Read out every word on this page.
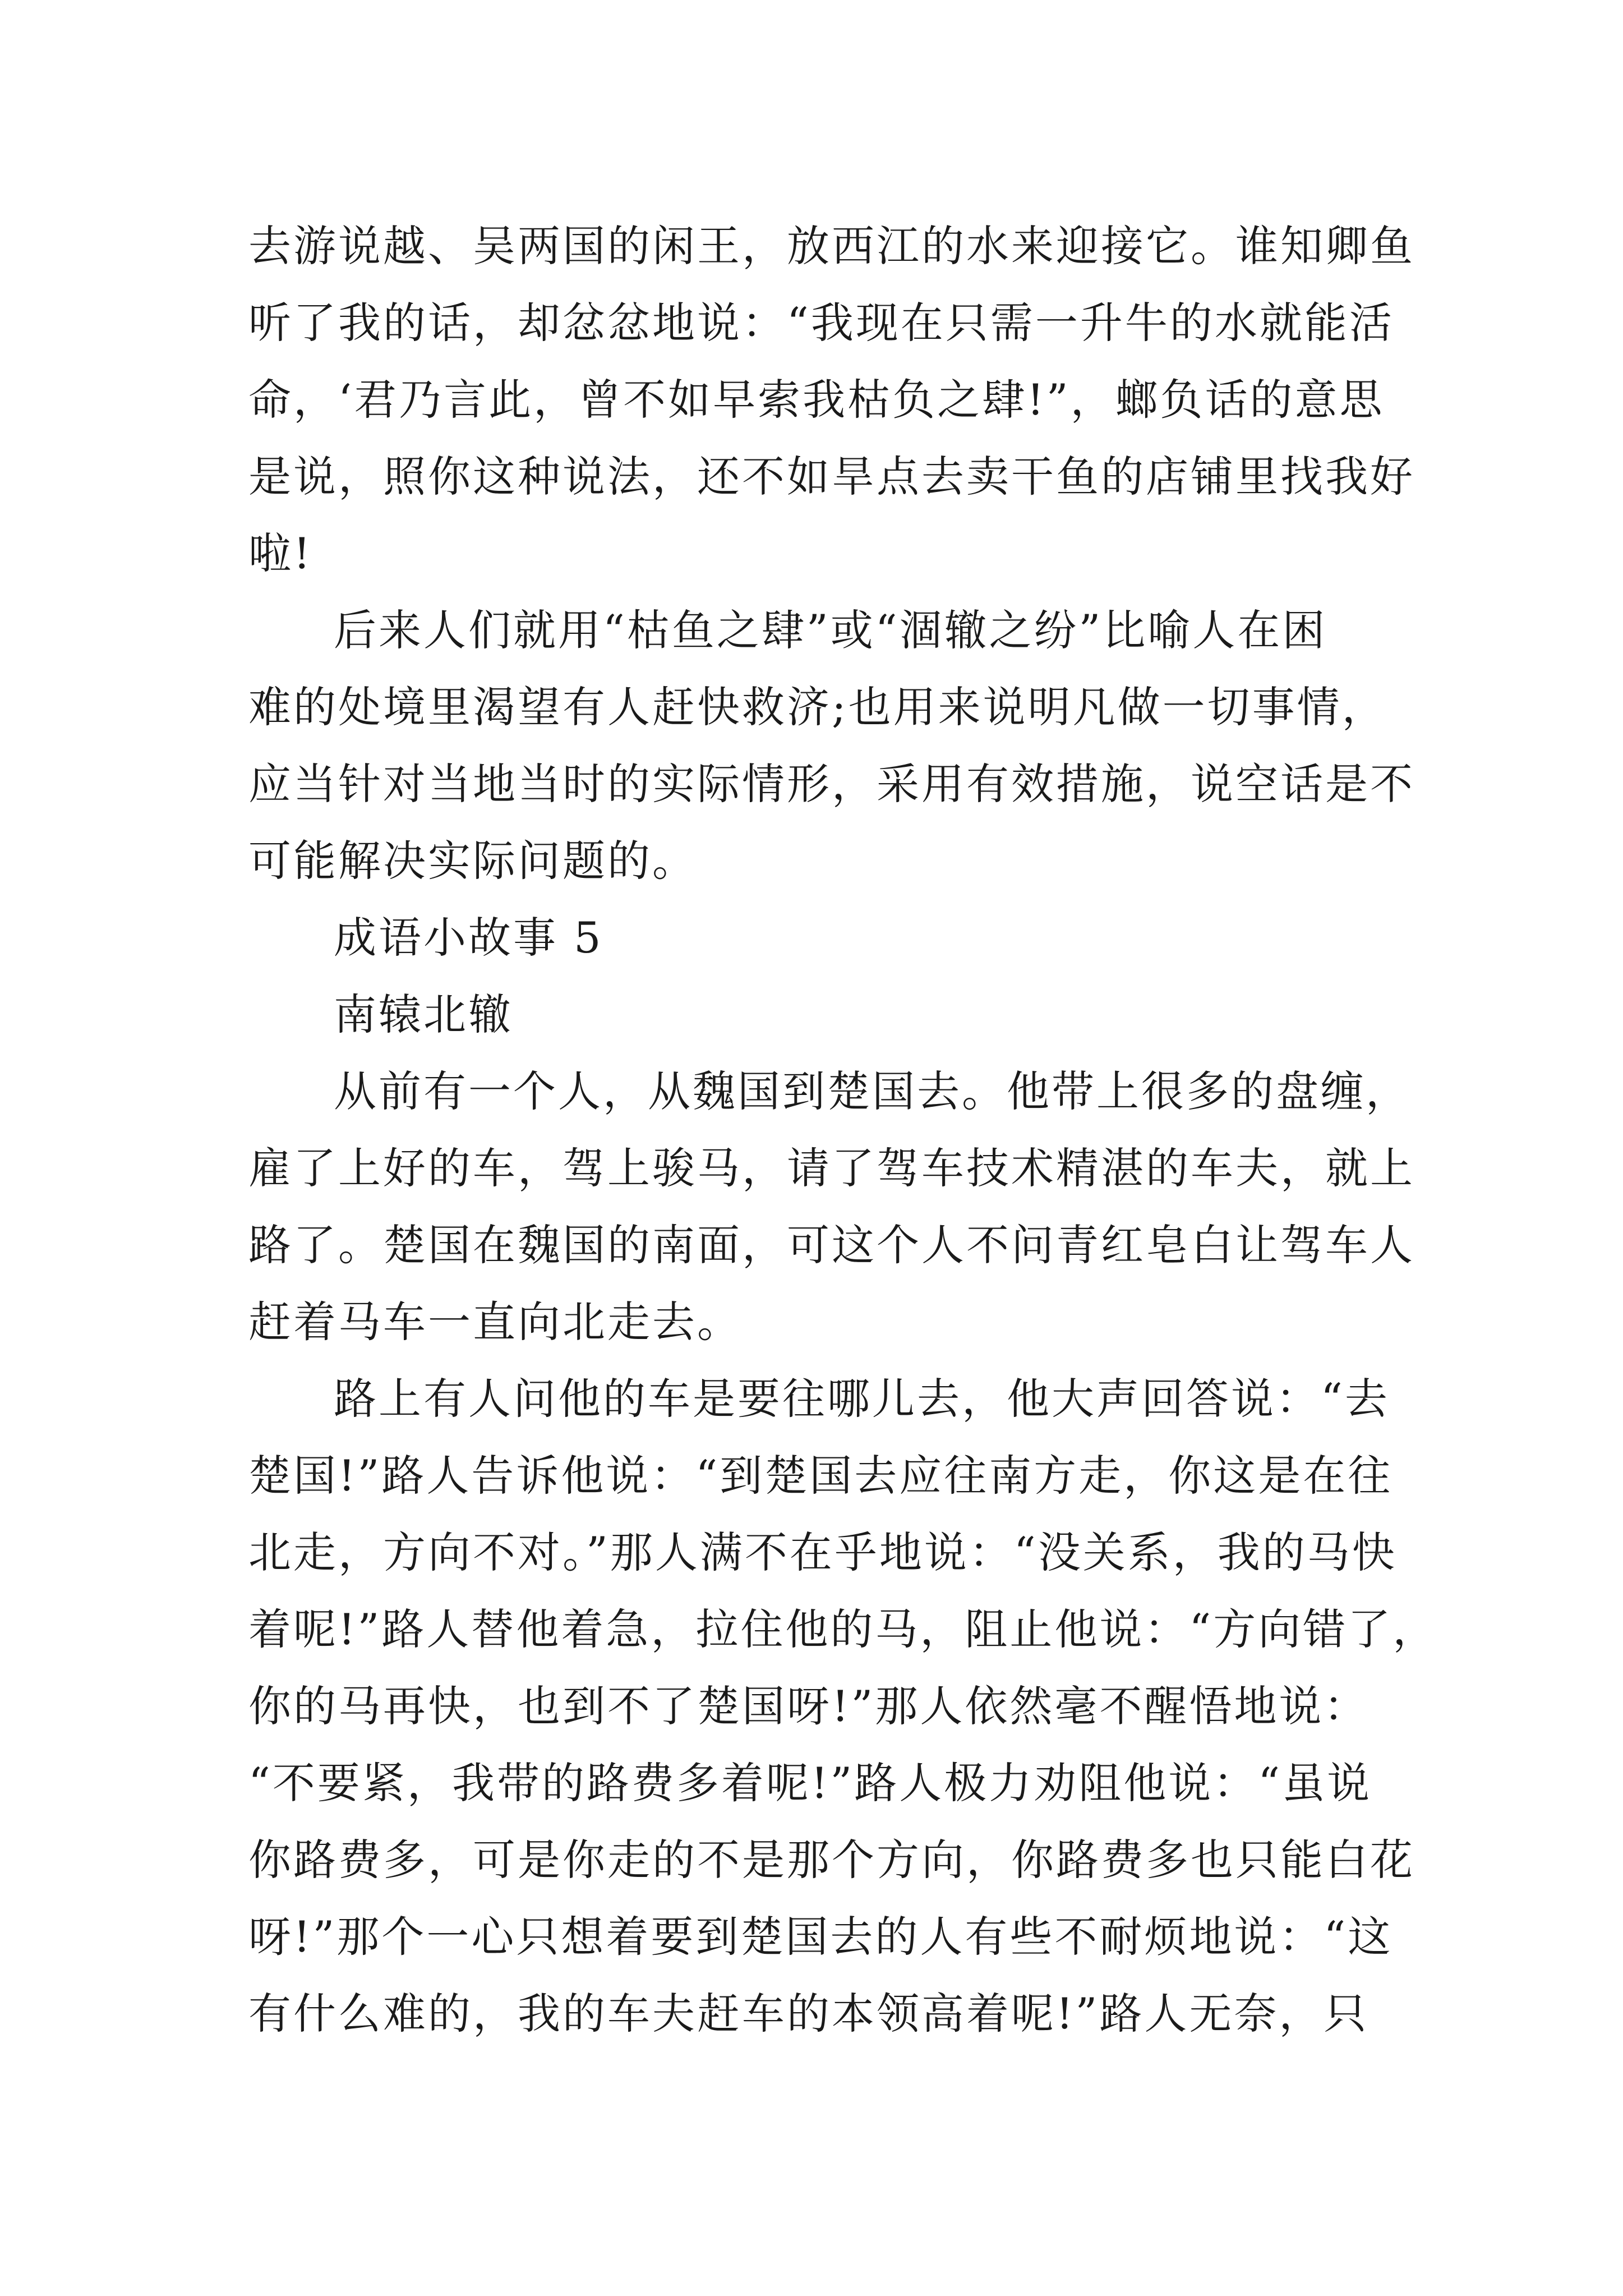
去游说越、吴两国的闲王，放西江的水来迎接它。谁知卿鱼
听了我的话，却忿忿地说：“我现在只需一升牛的水就能活
命，‘君乃言此，曾不如早索我枯负之肆!”，螂负话的意思
是说，照你这种说法，还不如旱点去卖干鱼的店铺里找我好
啦!
后来人们就用“枯鱼之肆”或“涸辙之纷”比喻人在困
难的处境里渴望有人赶快救济;也用来说明凡做一切事情，
应当针对当地当时的实际情形，采用有效措施，说空话是不
可能解决实际问题的。
成语小故事 5
南辕北辙
从前有一个人，从魏国到楚国去。他带上很多的盘缠，
雇了上好的车，驾上骏马，请了驾车技术精湛的车夫，就上
路了。楚国在魏国的南面，可这个人不问青红皂白让驾车人
赶着马车一直向北走去。
路上有人问他的车是要往哪儿去，他大声回答说：“去
楚国!”路人告诉他说：“到楚国去应往南方走，你这是在往
北走，方向不对。”那人满不在乎地说：“没关系，我的马快
着呢!”路人替他着急，拉住他的马，阻止他说：“方向错了，
你的马再快，也到不了楚国呀!”那人依然毫不醒悟地说：
“不要紧，我带的路费多着呢!”路人极力劝阻他说：“虽说
你路费多，可是你走的不是那个方向，你路费多也只能白花
呀!”那个一心只想着要到楚国去的人有些不耐烦地说：“这
有什么难的，我的车夫赶车的本领高着呢!”路人无奈，只
